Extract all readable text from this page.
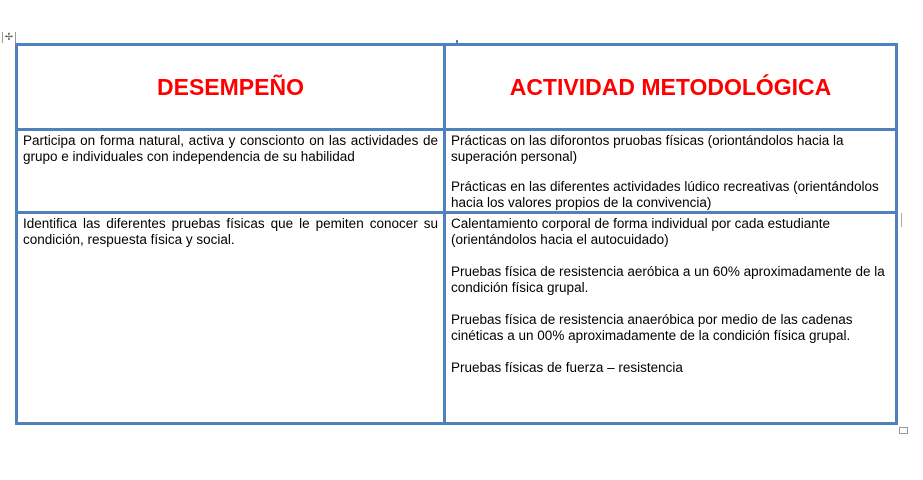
✢
DESEMPEÑO	ACTIVIDAD METODOLÓGICA
Participa on forma natural, activa y conscionto on las actividades de grupo e individuales con independencia de su habilidad

Prácticas on las diforontos pruobas físicas (oriontándolos hacia la superación personal)

Prácticas en las diferentes actividades lúdico recreativas (orientándolos hacia los valores propios de la convivencia)

Identifica las diferentes pruebas físicas que le pemiten conocer su condición, respuesta física y social.

Calentamiento corporal de forma individual por cada estudiante (orientándolos hacia el autocuidado)

Pruebas física de resistencia aeróbica a un 60% aproximadamente de la condición física grupal.

Pruebas física de resistencia anaeróbica por medio de las cadenas cinéticas a un 00% aproximadamente de la condición física grupal.

Pruebas físicas de fuerza – resistencia
